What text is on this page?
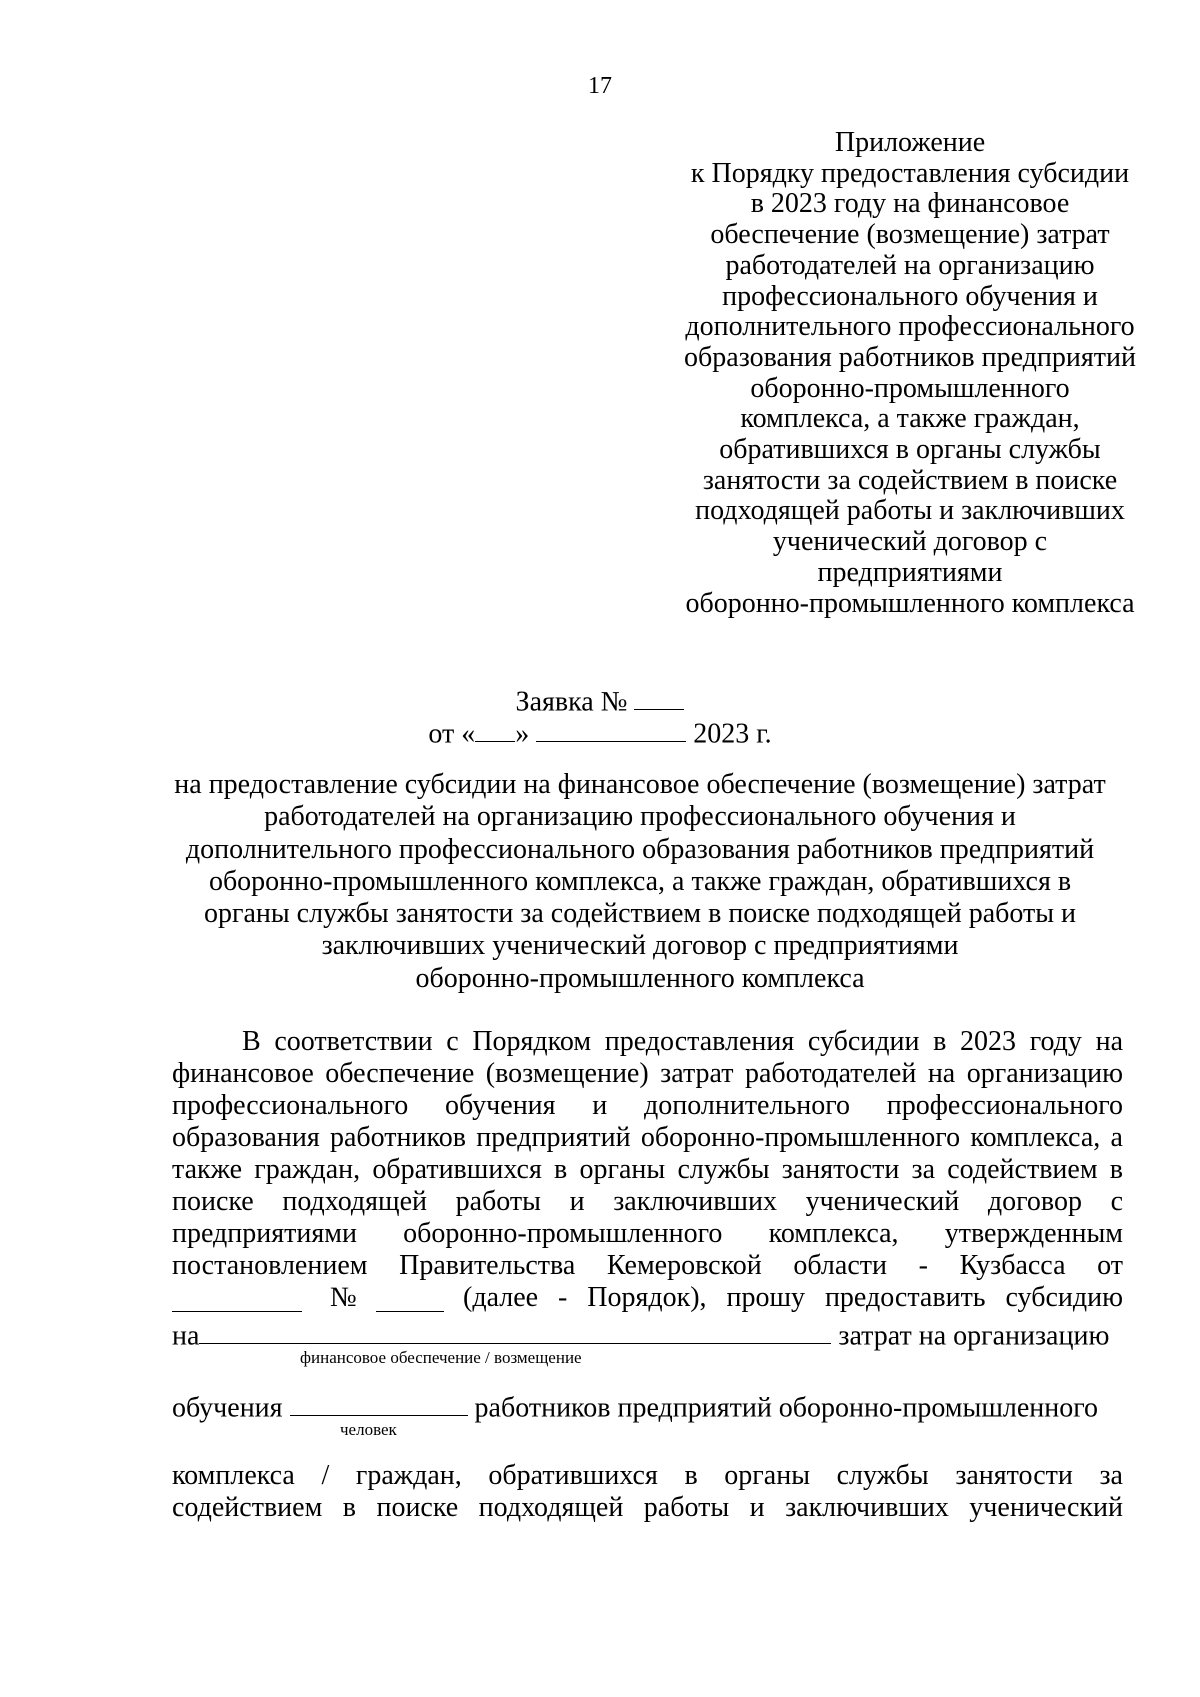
17
Приложение
к Порядку предоставления субсидии
в 2023 году на финансовое
обеспечение (возмещение) затрат
работодателей на организацию
профессионального обучения и
дополнительного профессионального
образования работников предприятий
оборонно-промышленного
комплекса, а также граждан,
обратившихся в органы службы
занятости за содействием в поиске
подходящей работы и заключивших
ученический договор с
предприятиями
оборонно-промышленного комплекса
Заявка №
от « »	2023 г.
на предоставление субсидии на финансовое обеспечение (возмещение) затрат
работодателей на организацию профессионального обучения и
дополнительного профессионального образования работников предприятий
оборонно-промышленного комплекса, а также граждан, обратившихся в
органы службы занятости за содействием в поиске подходящей работы и
заключивших ученический договор с предприятиями
оборонно-промышленного комплекса
В соответствии с Порядком предоставления субсидии в 2023 году на
финансовое обеспечение (возмещение) затрат работодателей на организацию
профессионального обучения и дополнительного профессионального
образования работников предприятий оборонно-промышленного комплекса, а
также граждан, обратившихся в органы службы занятости за содействием в
поиске подходящей работы и заключивших ученический договор с
предприятиями оборонно-промышленного комплекса, утвержденным
постановлением Правительства Кемеровской области - Кузбасса от
№	(далее - Порядок), прошу предоставить субсидию
на	затрат на организацию
финансовое обеспечение / возмещение
обучения	работников предприятий оборонно-промышленного
человек
комплекса / граждан, обратившихся в органы службы занятости за
содействием в поиске подходящей работы и заключивших ученический
